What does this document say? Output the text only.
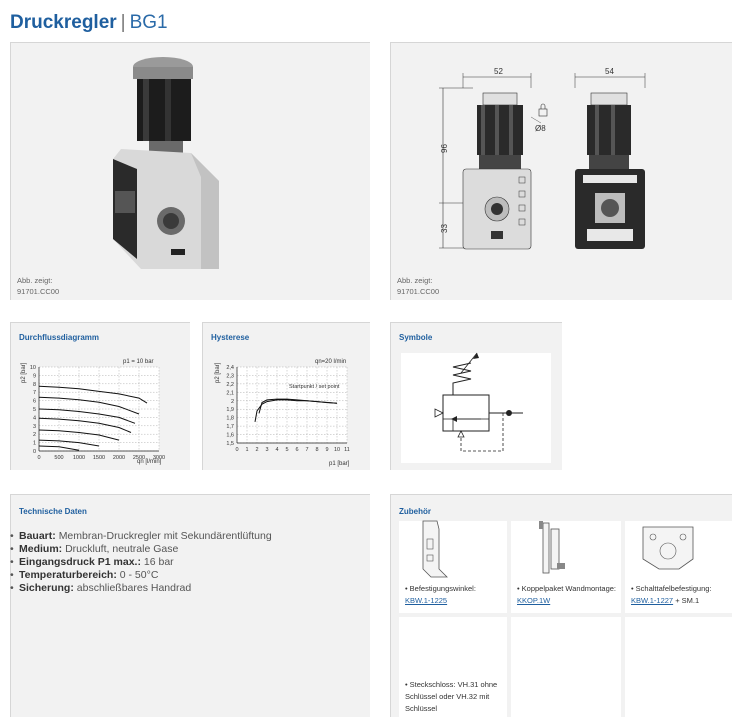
Druckregler | BG1
Abb. zeigt:
91701.CC00
52
96
33
Ø8
54
Abb. zeigt:
91701.CC00
Durchflussdiagramm
0
1
2
3
4
5
6
7
8
9
10
0	500 1000 1500 2000 2500 3000
p1 = 10 bar
p2 [bar]
qn [l/min]
Hysterese
1,5
1,6
1,7
1,8
1,9
2
2,1
2,2
2,3
2,4
0 1 2 3 4 5 6 7 8 9 10 11
qn=20 l/min
Startpunkt / set point
p2 [bar]
p1 [bar]
Symbole
Technische Daten
• Bauart: Membran-Druckregler mit Sekundärentlüftung
• Medium: Druckluft, neutrale Gase
• Eingangsdruck P1 max.: 16 bar
• Temperaturbereich: 0 - 50°C
• Sicherung: abschließbares Handrad
Zubehör
• Befestigungswinkel:
KBW.1-1225
• Koppelpaket Wandmontage:
KKOP.1W
• Schalttafelbefestigung:
KBW.1-1227 + SM.1
• Steckschloss: VH.31 ohne Schlüssel oder VH.32 mit Schlüssel
